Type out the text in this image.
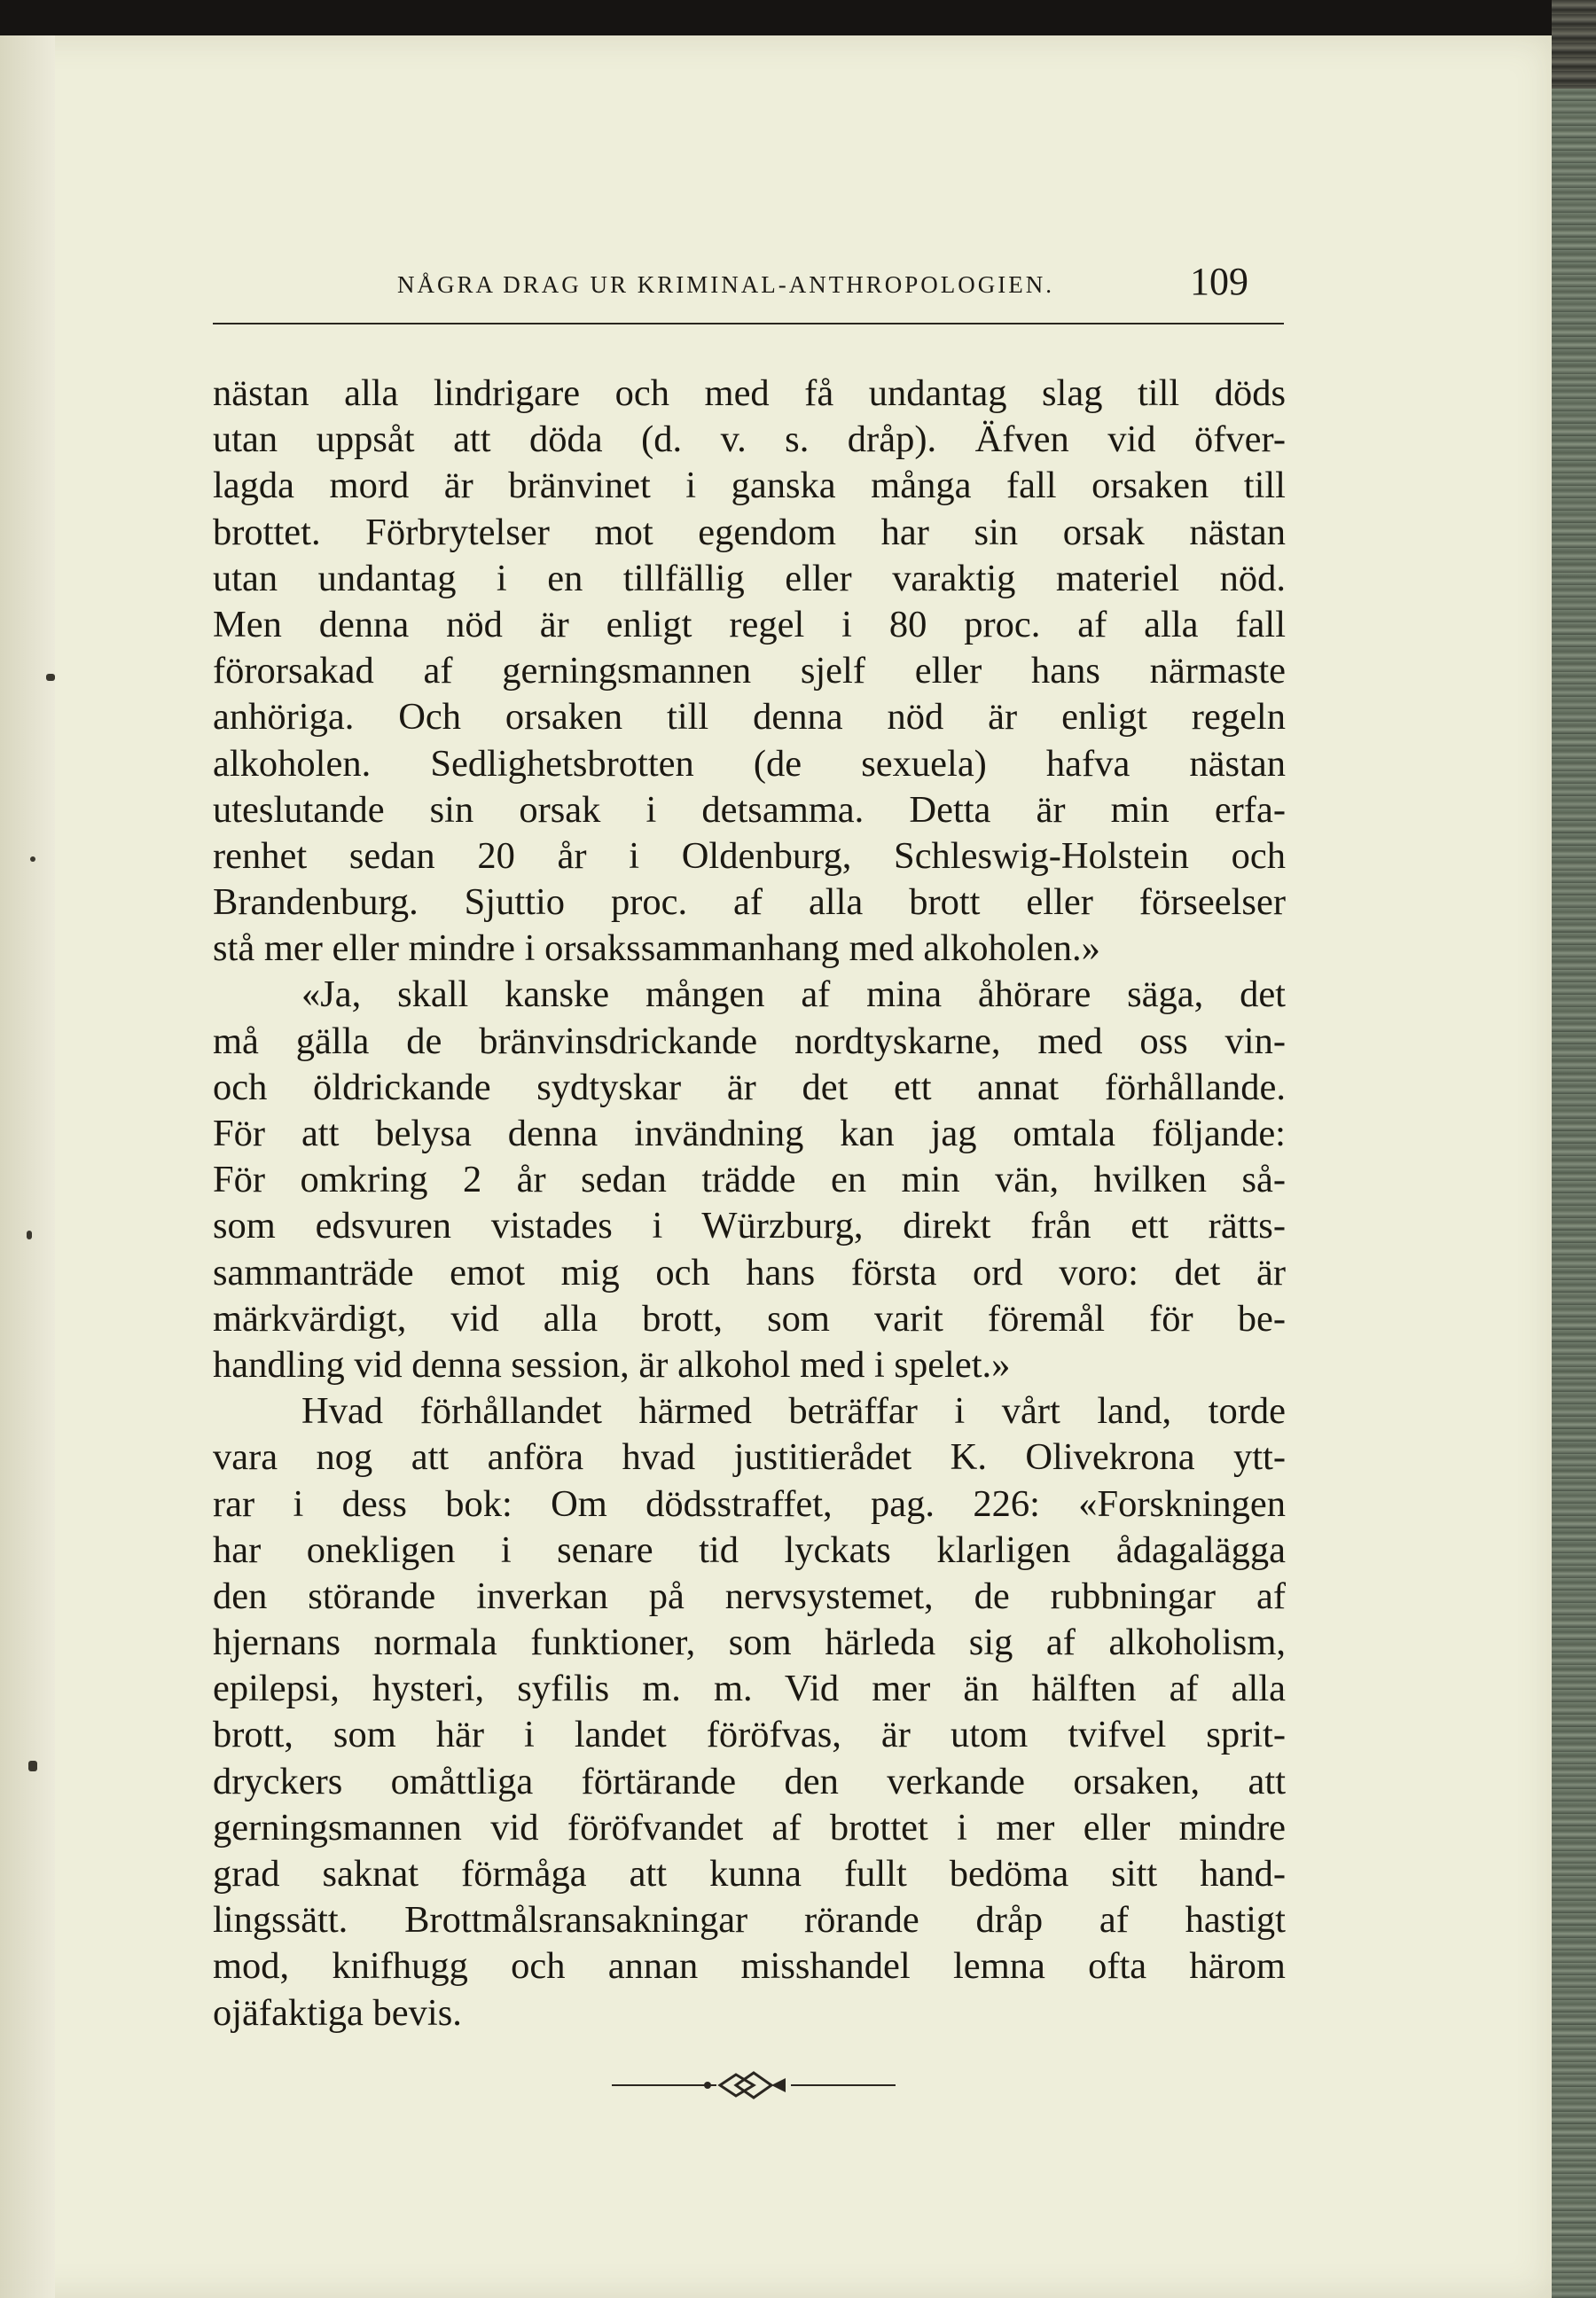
NÅGRA DRAG UR KRIMINAL-ANTHROPOLOGIEN.	109
nästan alla lindrigare och med få undantag slag till döds
utan uppsåt att döda (d. v. s. dråp). Äfven vid öfver-
lagda mord är bränvinet i ganska många fall orsaken till
brottet. Förbrytelser mot egendom har sin orsak nästan
utan undantag i en tillfällig eller varaktig materiel nöd.
Men denna nöd är enligt regel i 80 proc. af alla fall
förorsakad af gerningsmannen sjelf eller hans närmaste
anhöriga. Och orsaken till denna nöd är enligt regeln
alkoholen. Sedlighetsbrotten (de sexuela) hafva nästan
uteslutande sin orsak i detsamma. Detta är min erfa-
renhet sedan 20 år i Oldenburg, Schleswig-Holstein och
Brandenburg. Sjuttio proc. af alla brott eller förseelser
stå mer eller mindre i orsakssammanhang med alkoholen.»
«Ja, skall kanske mången af mina åhörare säga, det
må gälla de bränvinsdrickande nordtyskarne, med oss vin-
och öldrickande sydtyskar är det ett annat förhållande.
För att belysa denna invändning kan jag omtala följande:
För omkring 2 år sedan trädde en min vän, hvilken så-
som edsvuren vistades i Würzburg, direkt från ett rätts-
sammanträde emot mig och hans första ord voro: det är
märkvärdigt, vid alla brott, som varit föremål för be-
handling vid denna session, är alkohol med i spelet.»
Hvad förhållandet härmed beträffar i vårt land, torde
vara nog att anföra hvad justitierådet K. Olivekrona ytt-
rar i dess bok: Om dödsstraffet, pag. 226: «Forskningen
har onekligen i senare tid lyckats klarligen ådagalägga
den störande inverkan på nervsystemet, de rubbningar af
hjernans normala funktioner, som härleda sig af alkoholism,
epilepsi, hysteri, syfilis m. m. Vid mer än hälften af alla
brott, som här i landet föröfvas, är utom tvifvel sprit-
dryckers omåttliga förtärande den verkande orsaken, att
gerningsmannen vid föröfvandet af brottet i mer eller mindre
grad saknat förmåga att kunna fullt bedöma sitt hand-
lingssätt. Brottmålsransakningar rörande dråp af hastigt
mod, knifhugg och annan misshandel lemna ofta härom
ojäfaktiga bevis.
